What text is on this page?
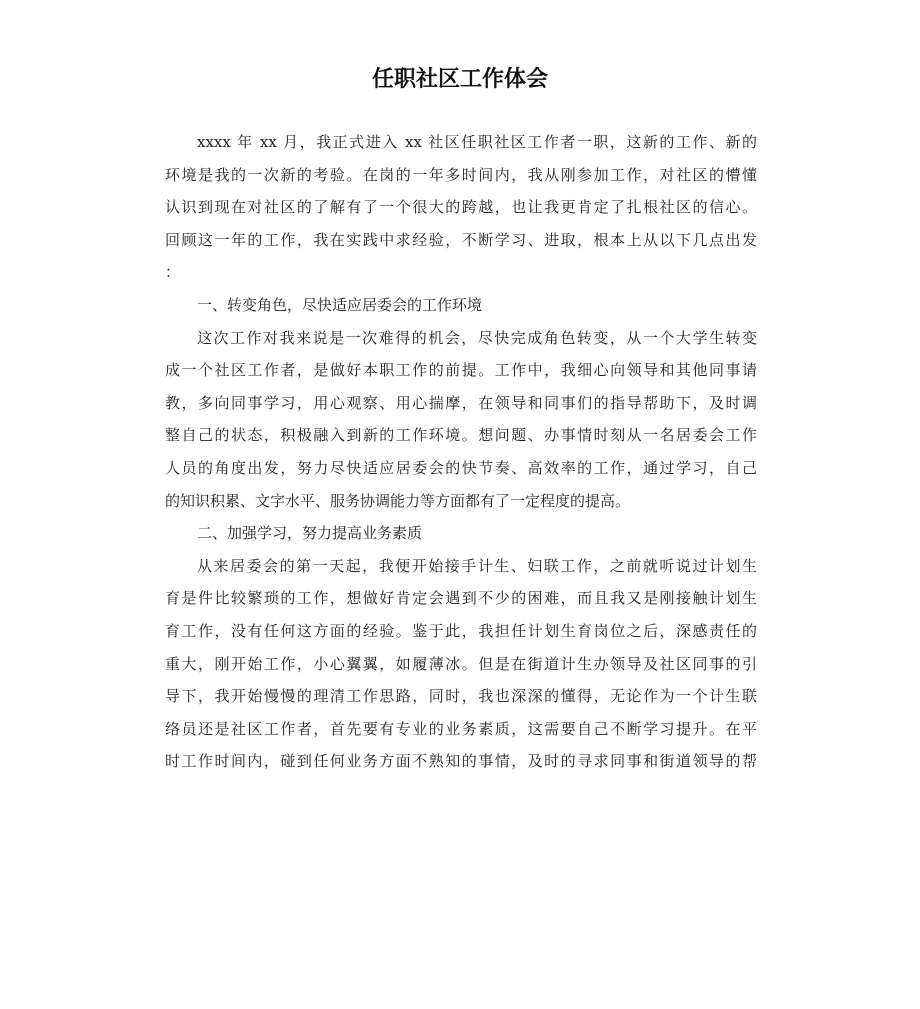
任职社区工作体会
xxxx 年 xx 月，我正式进入 xx 社区任职社区工作者一职，这新的工作、新的
环境是我的一次新的考验。在岗的一年多时间内，我从刚参加工作，对社区的懵懂
认识到现在对社区的了解有了一个很大的跨越，也让我更肯定了扎根社区的信心。
回顾这一年的工作，我在实践中求经验，不断学习、进取，根本上从以下几点出发
：
一、转变角色，尽快适应居委会的工作环境
这次工作对我来说是一次难得的机会，尽快完成角色转变，从一个大学生转变
成一个社区工作者，是做好本职工作的前提。工作中，我细心向领导和其他同事请
教，多向同事学习，用心观察、用心揣摩，在领导和同事们的指导帮助下，及时调
整自己的状态，积极融入到新的工作环境。想问题、办事情时刻从一名居委会工作
人员的角度出发，努力尽快适应居委会的快节奏、高效率的工作，通过学习，自己
的知识积累、文字水平、服务协调能力等方面都有了一定程度的提高。
二、加强学习，努力提高业务素质
从来居委会的第一天起，我便开始接手计生、妇联工作，之前就听说过计划生
育是件比较繁琐的工作，想做好肯定会遇到不少的困难，而且我又是刚接触计划生
育工作，没有任何这方面的经验。鉴于此，我担任计划生育岗位之后，深感责任的
重大，刚开始工作，小心翼翼，如履薄冰。但是在街道计生办领导及社区同事的引
导下，我开始慢慢的理清工作思路，同时，我也深深的懂得，无论作为一个计生联
络员还是社区工作者，首先要有专业的业务素质，这需要自己不断学习提升。在平
时工作时间内，碰到任何业务方面不熟知的事情，及时的寻求同事和街道领导的帮
